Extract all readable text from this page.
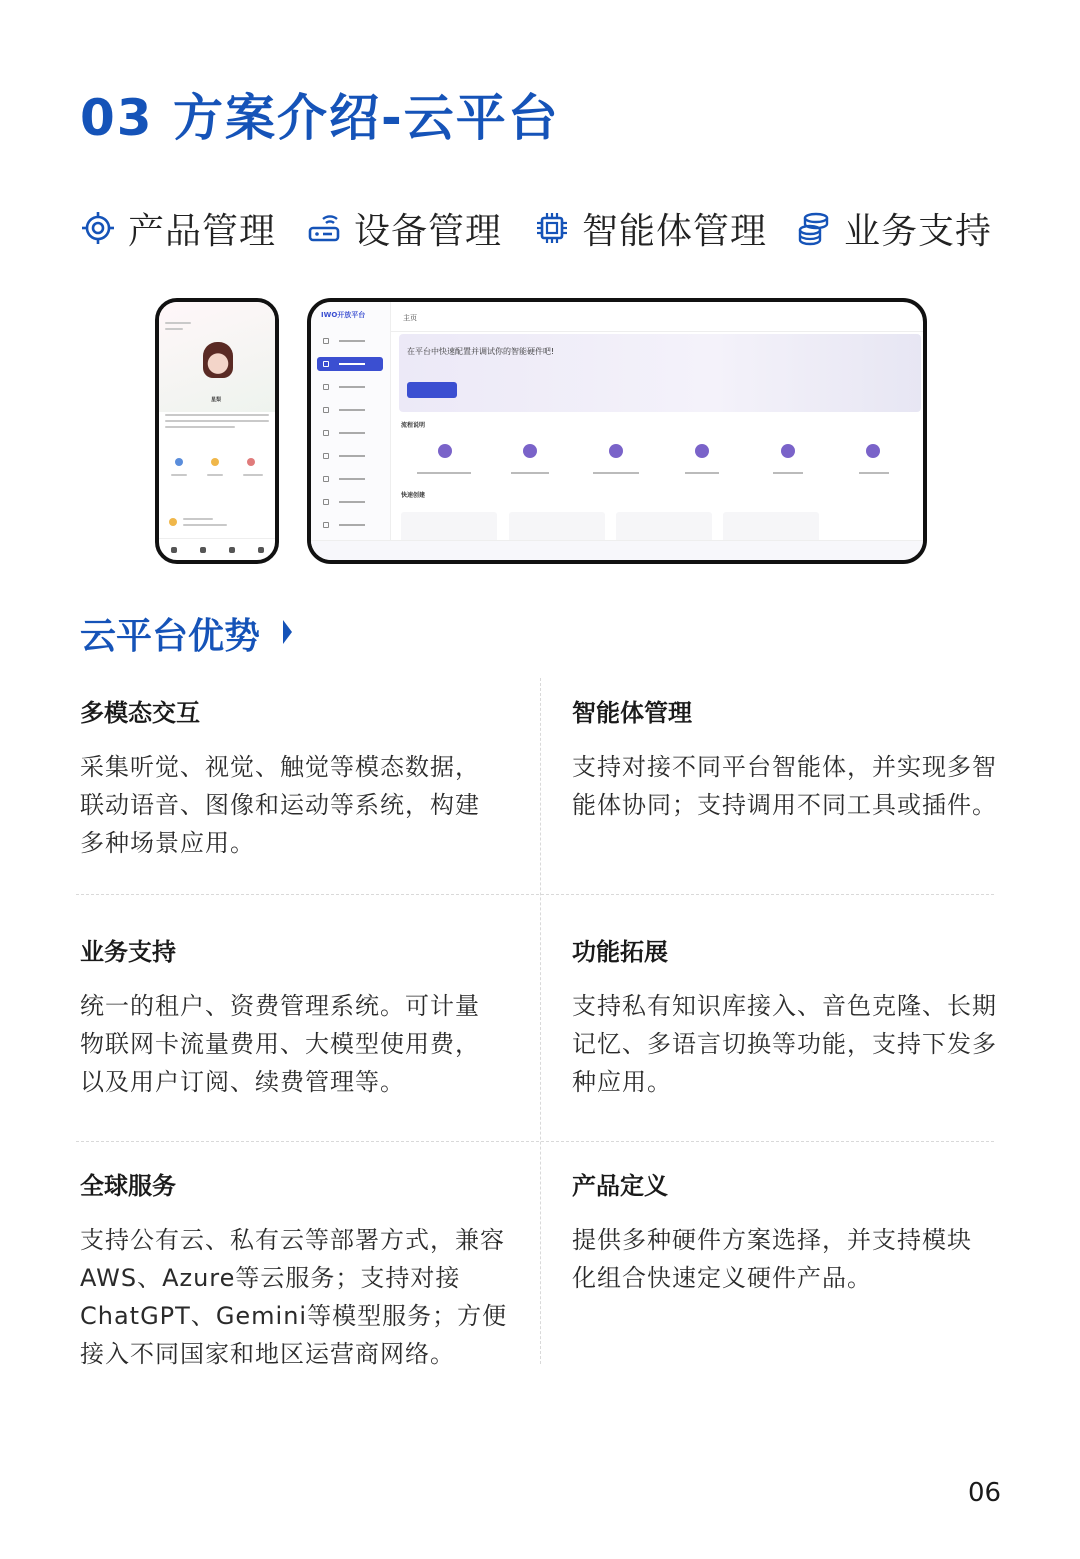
03 方案介绍-云平台
产品管理 设备管理 智能体管理 业务支持
星梨
IWO开放平台	主页
在平台中快速配置并调试你的智能硬件吧!
流程说明
快速创建
云平台优势
多模态交互
采集听觉、视觉、触觉等模态数据，联动语音、图像和运动等系统，构建多种场景应用。
智能体管理
支持对接不同平台智能体，并实现多智能体协同；支持调用不同工具或插件。
业务支持
统一的租户、资费管理系统。可计量物联网卡流量费用、大模型使用费，以及用户订阅、续费管理等。
功能拓展
支持私有知识库接入、音色克隆、长期记忆、多语言切换等功能，支持下发多种应用。
全球服务
支持公有云、私有云等部署方式，兼容AWS、Azure等云服务；支持对接ChatGPT、Gemini等模型服务；方便接入不同国家和地区运营商网络。
产品定义
提供多种硬件方案选择，并支持模块化组合快速定义硬件产品。
06
